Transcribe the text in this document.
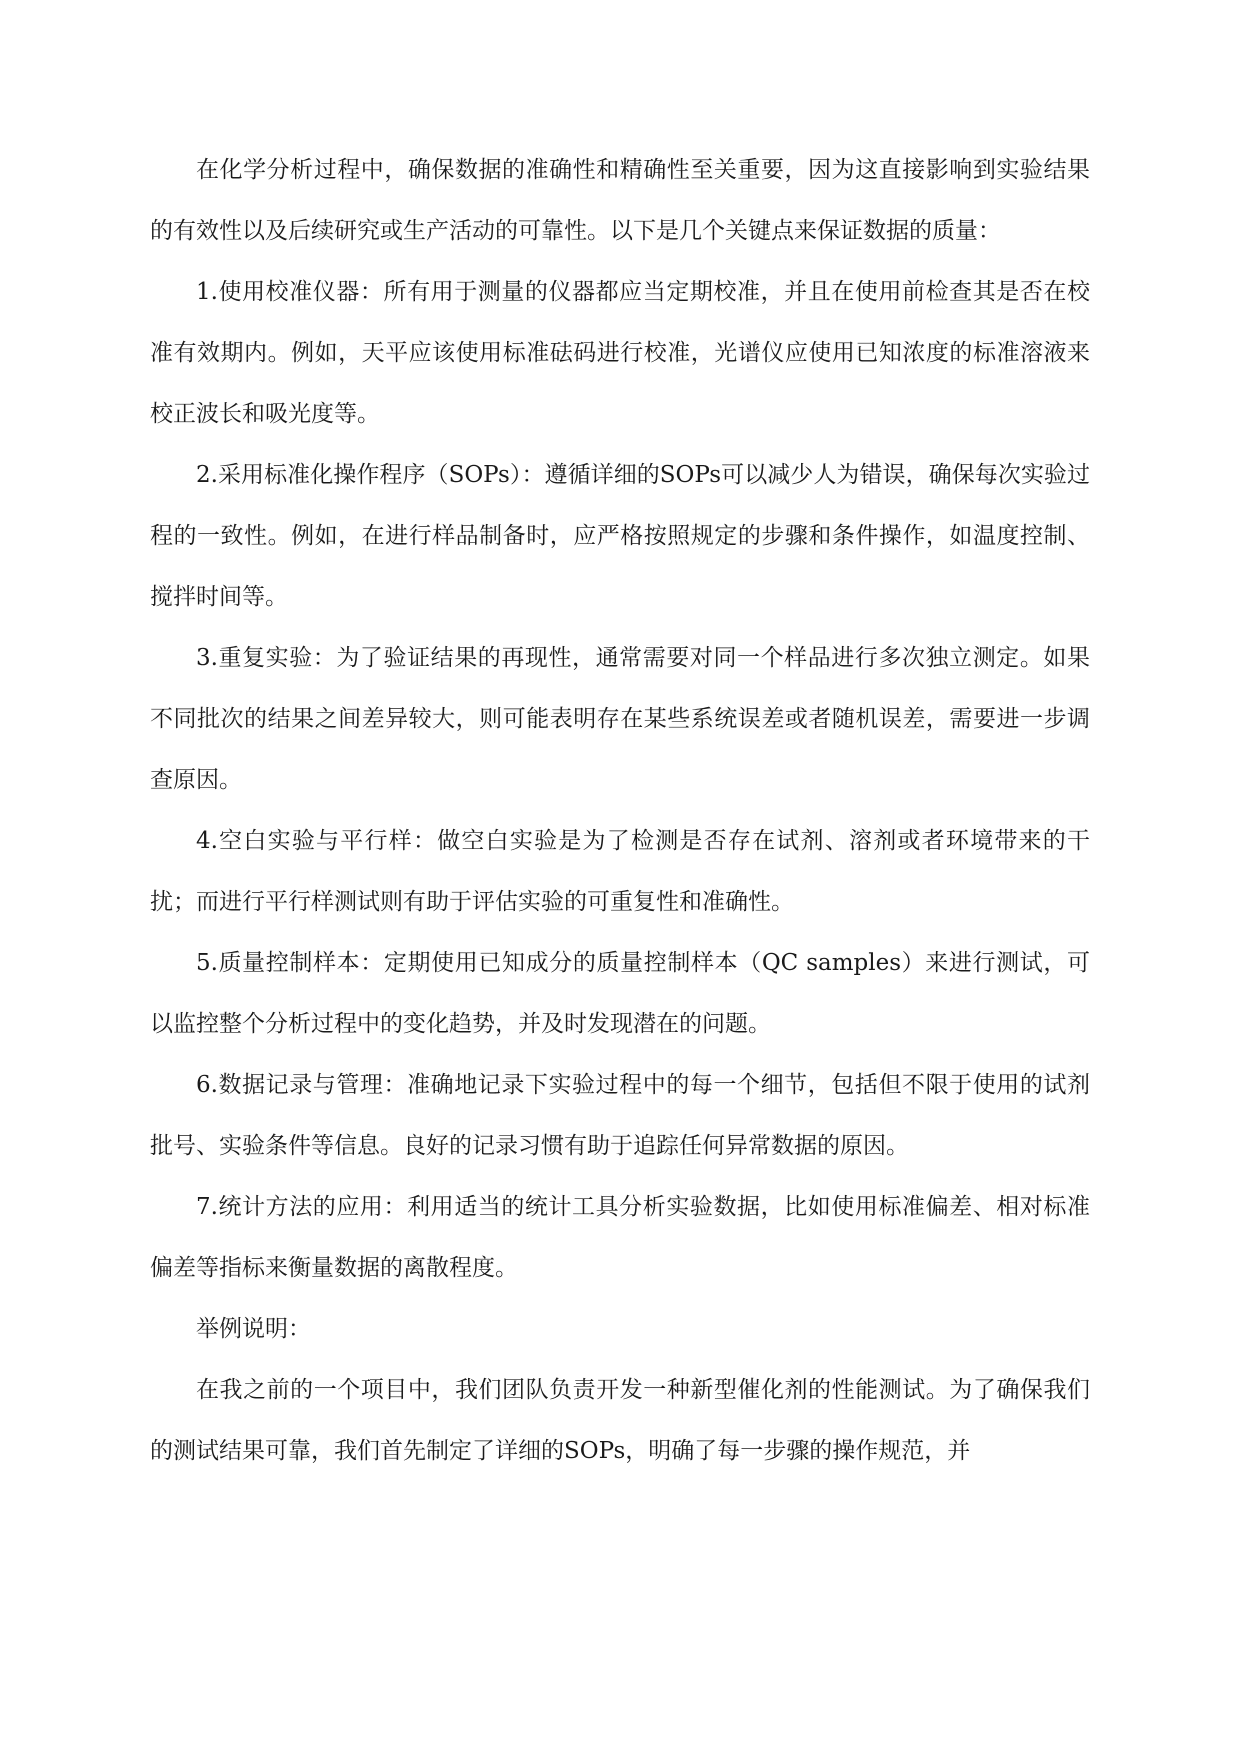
在化学分析过程中，确保数据的准确性和精确性至关重要，因为这直接影响到实验结果的有效性以及后续研究或生产活动的可靠性。以下是几个关键点来保证数据的质量：

1.使用校准仪器：所有用于测量的仪器都应当定期校准，并且在使用前检查其是否在校准有效期内。例如，天平应该使用标准砝码进行校准，光谱仪应使用已知浓度的标准溶液来校正波长和吸光度等。

2.采用标准化操作程序（SOPs）：遵循详细的SOPs可以减少人为错误，确保每次实验过程的一致性。例如，在进行样品制备时，应严格按照规定的步骤和条件操作，如温度控制、搅拌时间等。

3.重复实验：为了验证结果的再现性，通常需要对同一个样品进行多次独立测定。如果不同批次的结果之间差异较大，则可能表明存在某些系统误差或者随机误差，需要进一步调查原因。

4.空白实验与平行样：做空白实验是为了检测是否存在试剂、溶剂或者环境带来的干扰；而进行平行样测试则有助于评估实验的可重复性和准确性。

5.质量控制样本：定期使用已知成分的质量控制样本（QC samples）来进行测试，可以监控整个分析过程中的变化趋势，并及时发现潜在的问题。

6.数据记录与管理：准确地记录下实验过程中的每一个细节，包括但不限于使用的试剂批号、实验条件等信息。良好的记录习惯有助于追踪任何异常数据的原因。

7.统计方法的应用：利用适当的统计工具分析实验数据，比如使用标准偏差、相对标准偏差等指标来衡量数据的离散程度。

举例说明：

在我之前的一个项目中，我们团队负责开发一种新型催化剂的性能测试。为了确保我们的测试结果可靠，我们首先制定了详细的SOPs，明确了每一步骤的操作规范，并
